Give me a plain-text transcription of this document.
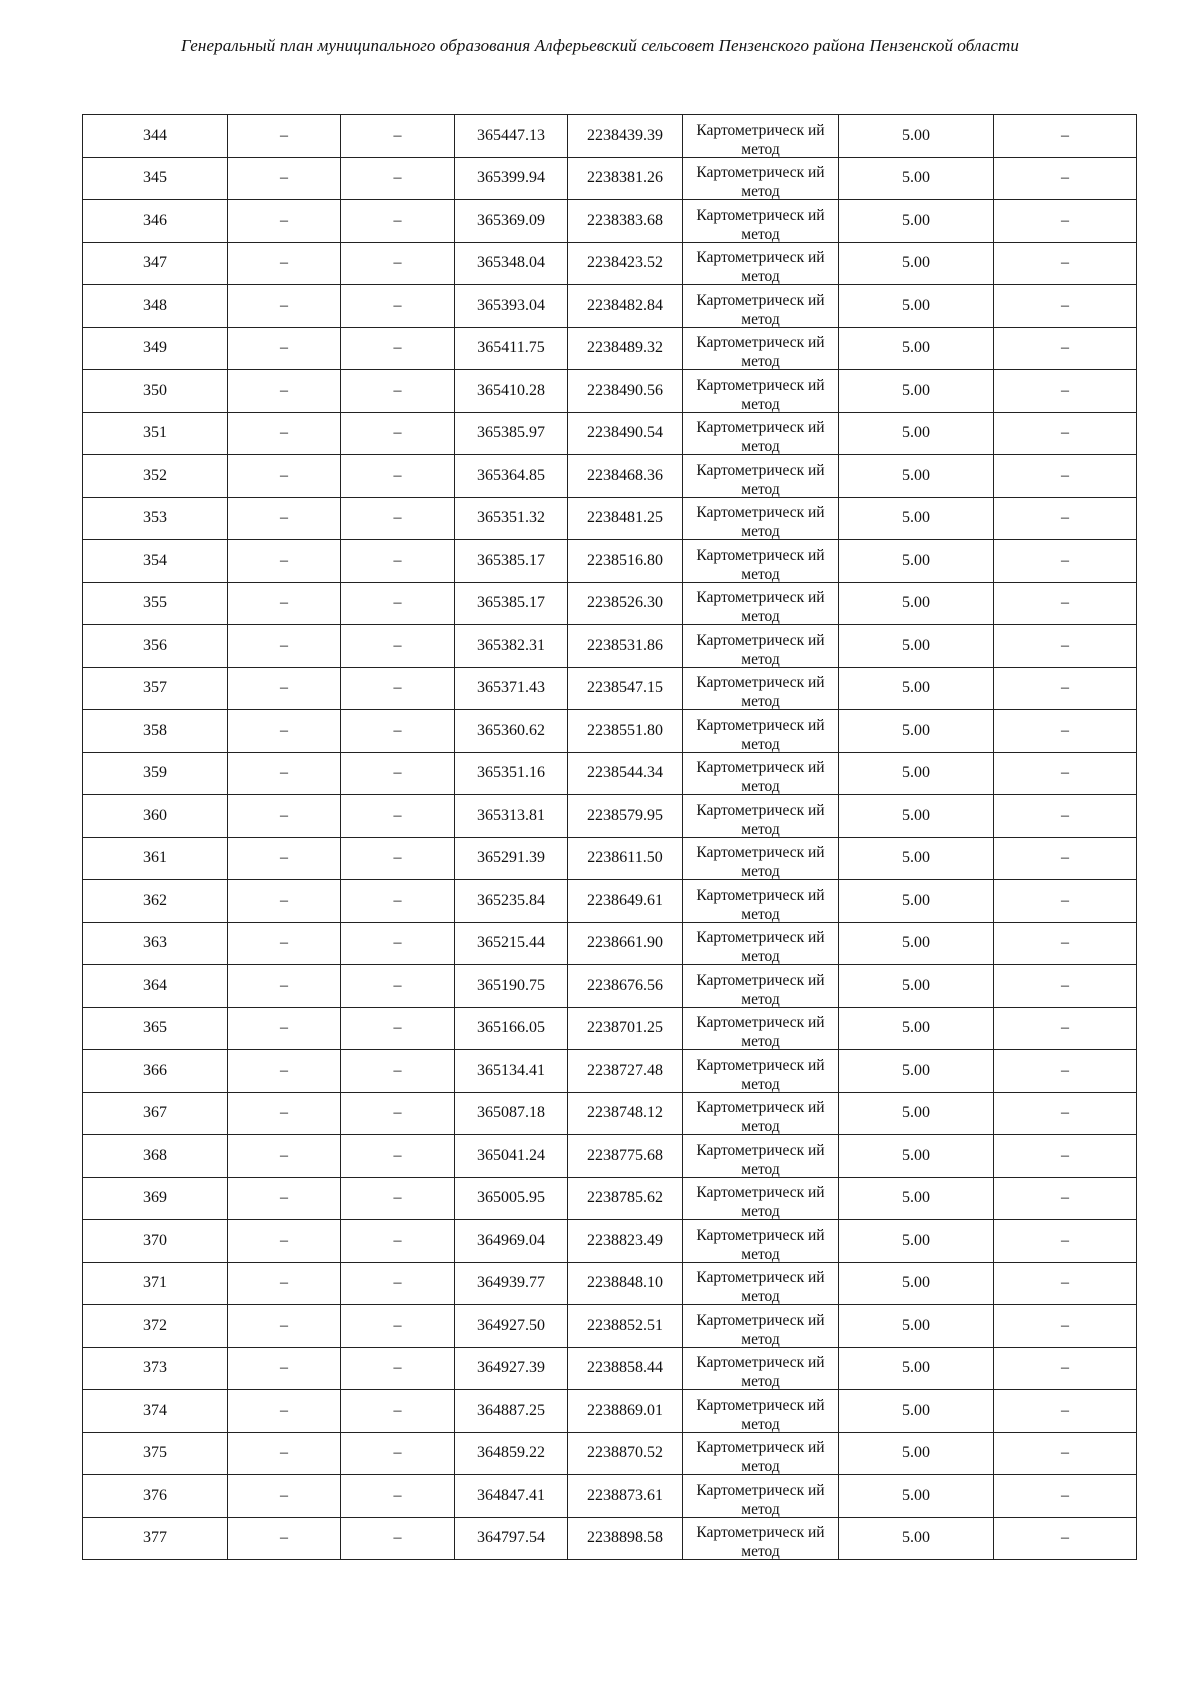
Генеральный план муниципального образования Алферьевский сельсовет Пензенского района Пензенской области
344	–	–	365447.13	2238439.39	Картометрическ ий метод	5.00	–
345	–	–	365399.94	2238381.26	Картометрическ ий метод	5.00	–
346	–	–	365369.09	2238383.68	Картометрическ ий метод	5.00	–
347	–	–	365348.04	2238423.52	Картометрическ ий метод	5.00	–
348	–	–	365393.04	2238482.84	Картометрическ ий метод	5.00	–
349	–	–	365411.75	2238489.32	Картометрическ ий метод	5.00	–
350	–	–	365410.28	2238490.56	Картометрическ ий метод	5.00	–
351	–	–	365385.97	2238490.54	Картометрическ ий метод	5.00	–
352	–	–	365364.85	2238468.36	Картометрическ ий метод	5.00	–
353	–	–	365351.32	2238481.25	Картометрическ ий метод	5.00	–
354	–	–	365385.17	2238516.80	Картометрическ ий метод	5.00	–
355	–	–	365385.17	2238526.30	Картометрическ ий метод	5.00	–
356	–	–	365382.31	2238531.86	Картометрическ ий метод	5.00	–
357	–	–	365371.43	2238547.15	Картометрическ ий метод	5.00	–
358	–	–	365360.62	2238551.80	Картометрическ ий метод	5.00	–
359	–	–	365351.16	2238544.34	Картометрическ ий метод	5.00	–
360	–	–	365313.81	2238579.95	Картометрическ ий метод	5.00	–
361	–	–	365291.39	2238611.50	Картометрическ ий метод	5.00	–
362	–	–	365235.84	2238649.61	Картометрическ ий метод	5.00	–
363	–	–	365215.44	2238661.90	Картометрическ ий метод	5.00	–
364	–	–	365190.75	2238676.56	Картометрическ ий метод	5.00	–
365	–	–	365166.05	2238701.25	Картометрическ ий метод	5.00	–
366	–	–	365134.41	2238727.48	Картометрическ ий метод	5.00	–
367	–	–	365087.18	2238748.12	Картометрическ ий метод	5.00	–
368	–	–	365041.24	2238775.68	Картометрическ ий метод	5.00	–
369	–	–	365005.95	2238785.62	Картометрическ ий метод	5.00	–
370	–	–	364969.04	2238823.49	Картометрическ ий метод	5.00	–
371	–	–	364939.77	2238848.10	Картометрическ ий метод	5.00	–
372	–	–	364927.50	2238852.51	Картометрическ ий метод	5.00	–
373	–	–	364927.39	2238858.44	Картометрическ ий метод	5.00	–
374	–	–	364887.25	2238869.01	Картометрическ ий метод	5.00	–
375	–	–	364859.22	2238870.52	Картометрическ ий метод	5.00	–
376	–	–	364847.41	2238873.61	Картометрическ ий метод	5.00	–
377	–	–	364797.54	2238898.58	Картометрическ ий метод	5.00	–
